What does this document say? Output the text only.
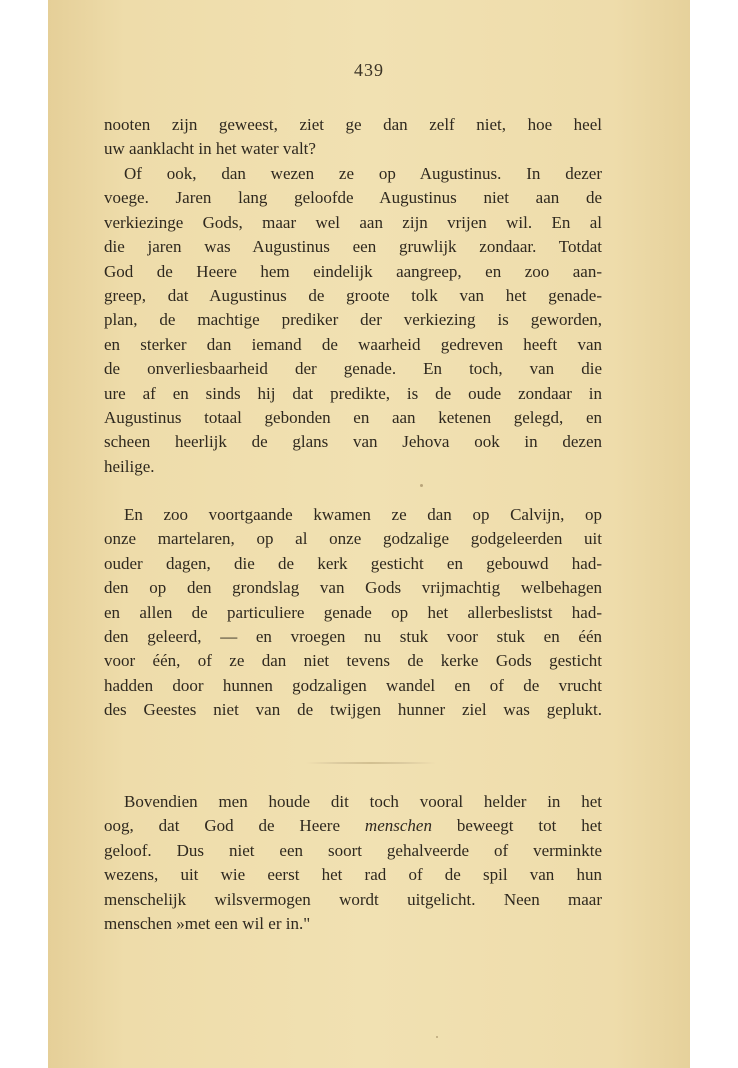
439
nooten zijn geweest, ziet ge dan zelf niet, hoe heel
uw aanklacht in het water valt?
Of ook, dan wezen ze op Augustinus. In dezer
voege. Jaren lang geloofde Augustinus niet aan de
verkiezinge Gods, maar wel aan zijn vrijen wil. En al
die jaren was Augustinus een gruwlijk zondaar. Totdat
God de Heere hem eindelijk aangreep, en zoo aan-
greep, dat Augustinus de groote tolk van het genade-
plan, de machtige prediker der verkiezing is geworden,
en sterker dan iemand de waarheid gedreven heeft van
de onverliesbaarheid der genade. En toch, van die
ure af en sinds hij dat predikte, is de oude zondaar in
Augustinus totaal gebonden en aan ketenen gelegd, en
scheen heerlijk de glans van Jehova ook in dezen
heilige.
En zoo voortgaande kwamen ze dan op Calvijn, op
onze martelaren, op al onze godzalige godgeleerden uit
ouder dagen, die de kerk gesticht en gebouwd had-
den op den grondslag van Gods vrijmachtig welbehagen
en allen de particuliere genade op het allerbeslistst had-
den geleerd, — en vroegen nu stuk voor stuk en één
voor één, of ze dan niet tevens de kerke Gods gesticht
hadden door hunnen godzaligen wandel en of de vrucht
des Geestes niet van de twijgen hunner ziel was geplukt.
Bovendien men houde dit toch vooral helder in het
oog, dat God de Heere menschen beweegt tot het
geloof. Dus niet een soort gehalveerde of verminkte
wezens, uit wie eerst het rad of de spil van hun
menschelijk wilsvermogen wordt uitgelicht. Neen maar
menschen »met een wil er in."
